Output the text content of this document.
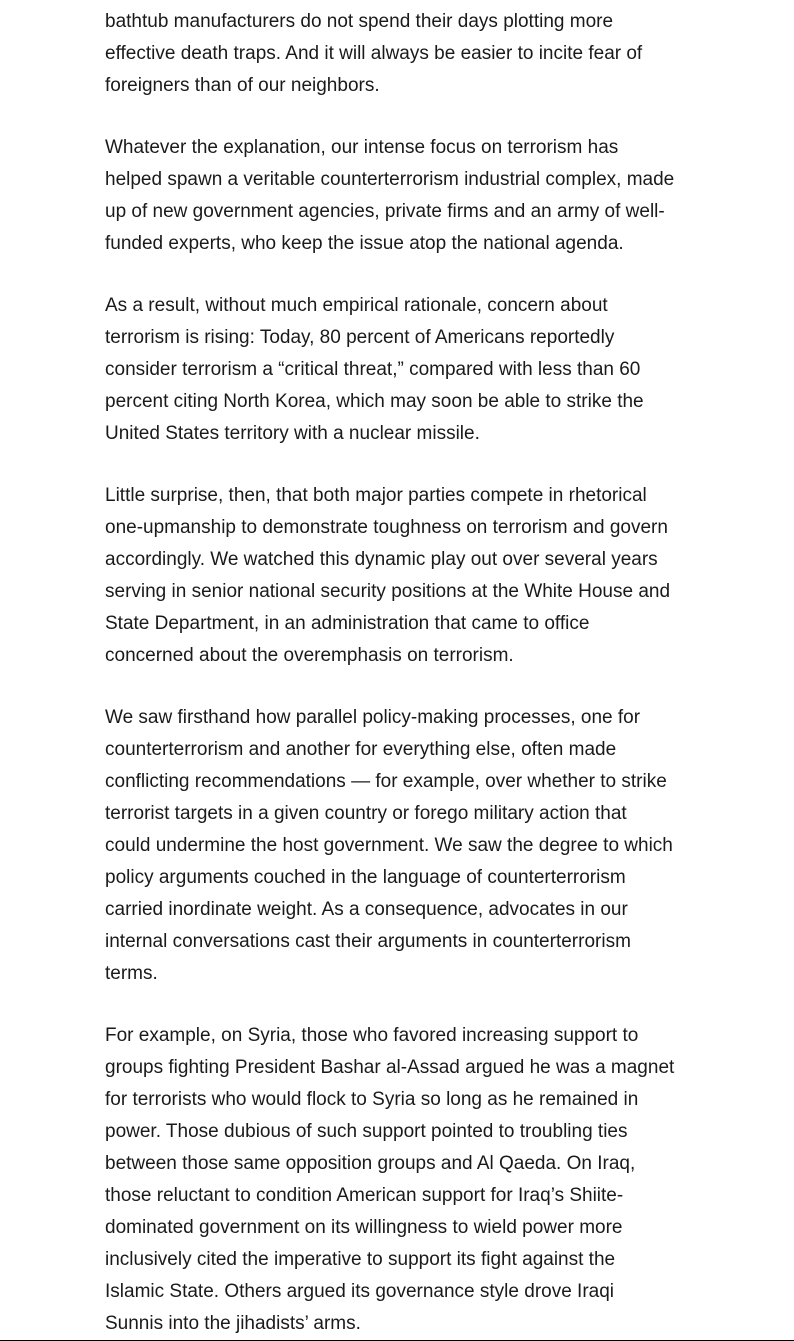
bathtub manufacturers do not spend their days plotting more
effective death traps. And it will always be easier to incite fear of
foreigners than of our neighbors.
Whatever the explanation, our intense focus on terrorism has
helped spawn a veritable counterterrorism industrial complex, made
up of new government agencies, private firms and an army of well-
funded experts, who keep the issue atop the national agenda.
As a result, without much empirical rationale, concern about
terrorism is rising: Today, 80 percent of Americans reportedly
consider terrorism a “critical threat,” compared with less than 60
percent citing North Korea, which may soon be able to strike the
United States territory with a nuclear missile.
Little surprise, then, that both major parties compete in rhetorical
one-upmanship to demonstrate toughness on terrorism and govern
accordingly. We watched this dynamic play out over several years
serving in senior national security positions at the White House and
State Department, in an administration that came to office
concerned about the overemphasis on terrorism.
We saw firsthand how parallel policy-making processes, one for
counterterrorism and another for everything else, often made
conflicting recommendations — for example, over whether to strike
terrorist targets in a given country or forego military action that
could undermine the host government. We saw the degree to which
policy arguments couched in the language of counterterrorism
carried inordinate weight. As a consequence, advocates in our
internal conversations cast their arguments in counterterrorism
terms.
For example, on Syria, those who favored increasing support to
groups fighting President Bashar al-Assad argued he was a magnet
for terrorists who would flock to Syria so long as he remained in
power. Those dubious of such support pointed to troubling ties
between those same opposition groups and Al Qaeda. On Iraq,
those reluctant to condition American support for Iraq’s Shiite-
dominated government on its willingness to wield power more
inclusively cited the imperative to support its fight against the
Islamic State. Others argued its governance style drove Iraqi
Sunnis into the jihadists’ arms.
